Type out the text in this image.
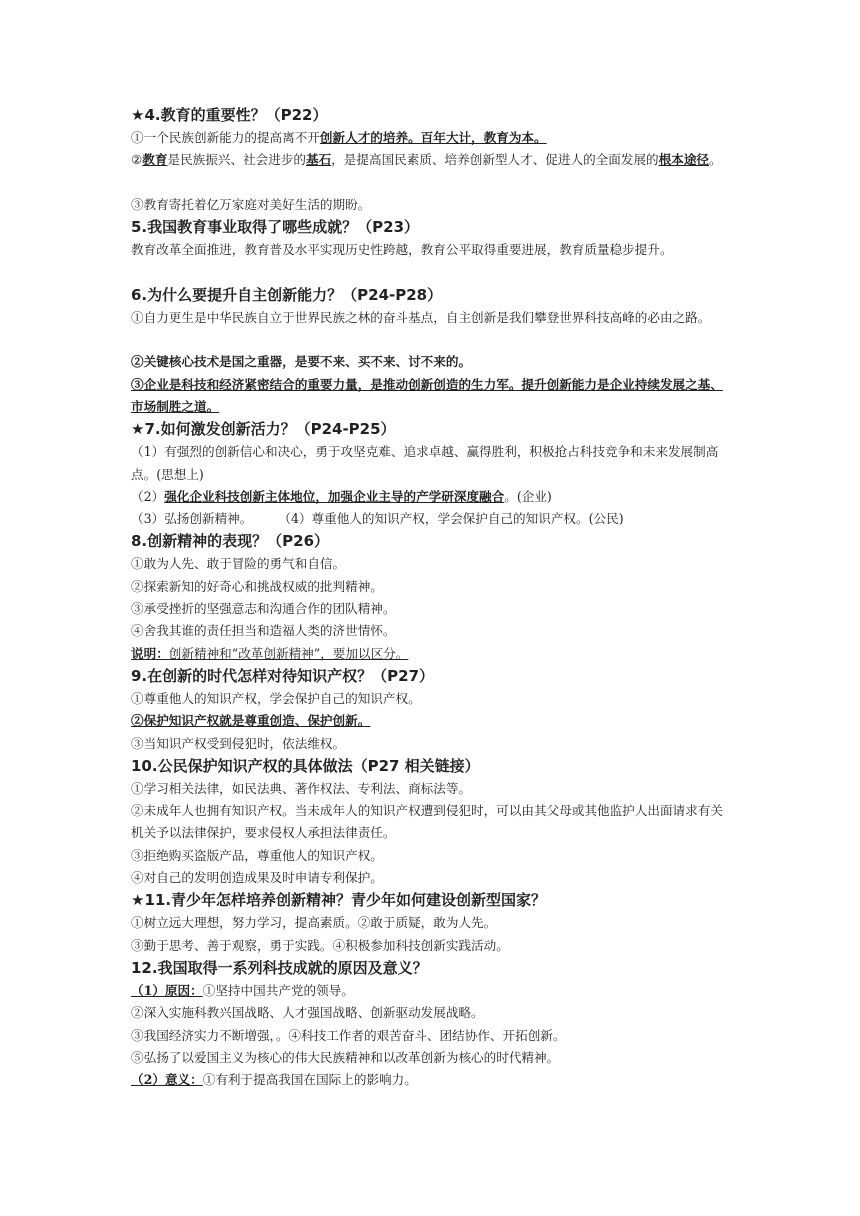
★4.教育的重要性？（P22）
①一个民族创新能力的提高离不开创新人才的培养。百年大计，教育为本。
②教育是民族振兴、社会进步的基石，是提高国民素质、培养创新型人才、促进人的全面发展的根本途径。
③教育寄托着亿万家庭对美好生活的期盼。
5.我国教育事业取得了哪些成就？（P23）
教育改革全面推进，教育普及水平实现历史性跨越，教育公平取得重要进展，教育质量稳步提升。
6.为什么要提升自主创新能力？（P24-P28）
①自力更生是中华民族自立于世界民族之林的奋斗基点，自主创新是我们攀登世界科技高峰的必由之路。
②关键核心技术是国之重器，是要不来、买不来、讨不来的。
③企业是科技和经济紧密结合的重要力量，是推动创新创造的生力军。提升创新能力是企业持续发展之基、市场制胜之道。
★7.如何激发创新活力？（P24-P25）
（1）有强烈的创新信心和决心，勇于攻坚克难、追求卓越、赢得胜利，积极抢占科技竞争和未来发展制高点。(思想上)
（2）强化企业科技创新主体地位，加强企业主导的产学研深度融合。(企业)
（3）弘扬创新精神。 （4）尊重他人的知识产权，学会保护自己的知识产权。(公民)
8.创新精神的表现？（P26）
①敢为人先、敢于冒险的勇气和自信。
②探索新知的好奇心和挑战权威的批判精神。
③承受挫折的坚强意志和沟通合作的团队精神。
④舍我其谁的责任担当和造福人类的济世情怀。
说明：创新精神和“改革创新精神”，要加以区分。
9.在创新的时代怎样对待知识产权？（P27）
①尊重他人的知识产权，学会保护自己的知识产权。
②保护知识产权就是尊重创造、保护创新。
③当知识产权受到侵犯时，依法维权。
10.公民保护知识产权的具体做法（P27 相关链接）
①学习相关法律，如民法典、著作权法、专利法、商标法等。
②未成年人也拥有知识产权。当未成年人的知识产权遭到侵犯时，可以由其父母或其他监护人出面请求有关机关予以法律保护，要求侵权人承担法律责任。
③拒绝购买盗版产品，尊重他人的知识产权。
④对自己的发明创造成果及时申请专利保护。
★11.青少年怎样培养创新精神？青少年如何建设创新型国家？
①树立远大理想，努力学习，提高素质。②敢于质疑，敢为人先。
③勤于思考、善于观察，勇于实践。④积极参加科技创新实践活动。
12.我国取得一系列科技成就的原因及意义？
（1）原因：①坚持中国共产党的领导。
②深入实施科教兴国战略、人才强国战略、创新驱动发展战略。
③我国经济实力不断增强，。④科技工作者的艰苦奋斗、团结协作、开拓创新。
⑤弘扬了以爱国主义为核心的伟大民族精神和以改革创新为核心的时代精神。
（2）意义：①有利于提高我国在国际上的影响力。
